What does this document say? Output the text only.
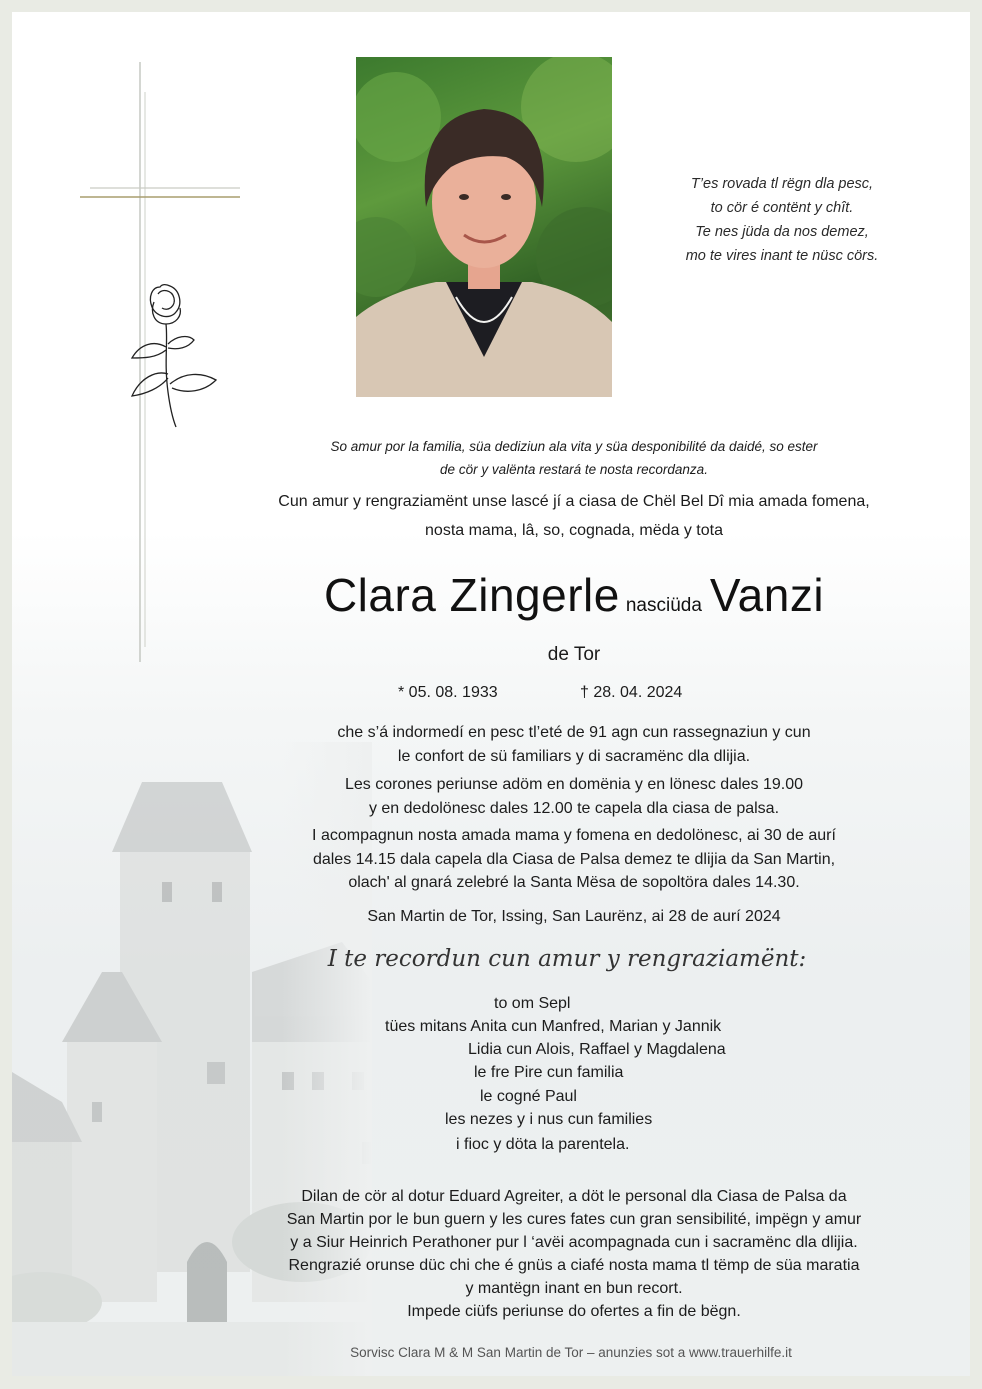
T’es rovada tl rëgn dla pesc,
to cör é contënt y chît.
Te nes jüda da nos demez,
mo te vires inant te nüsc cörs.
So amur por la familia, süa dediziun ala vita y süa desponibilité da daidé, so ester
de cör y valënta restará te nosta recordanza.
Cun amur y rengraziamënt unse lascé jí a ciasa de Chël Bel Dî mia amada fomena,
nosta mama, lâ, so, cognada, mëda y tota
Clara Zingerle nasciüda Vanzi
de Tor
* 05. 08. 1933	† 28. 04. 2024
che s’á indormedí en pesc tl’eté de 91 agn cun rassegnaziun y cun
le confort de sü familiars y di sacramënc dla dlijia.
Les corones periunse adöm en domënia y en lönesc dales 19.00
y en dedolönesc dales 12.00 te capela dla ciasa de palsa.
I acompagnun nosta amada mama y fomena en dedolönesc, ai 30 de aurí
dales 14.15 dala capela dla Ciasa de Palsa demez te dlijia da San Martin,
olach' al gnará zelebré la Santa Mësa de sopoltöra dales 14.30.
San Martin de Tor, Issing, San Laurënz, ai 28 de aurí 2024
I te recordun cun amur y rengraziamënt:
to om Sepl
tües mitans Anita cun Manfred, Marian y Jannik
Lidia cun Alois, Raffael y Magdalena
le fre Pire cun familia
le cogné Paul
les nezes y i nus cun families
i fioc y döta la parentela.
Dilan de cör al dotur Eduard Agreiter, a döt le personal dla Ciasa de Palsa da
San Martin por le bun guern y les cures fates cun gran sensibilité, impëgn y amur
y a Siur Heinrich Perathoner pur l ‘avëi acompagnada cun i sacramënc dla dlijia.
Rengrazié orunse düc chi che é gnüs a ciafé nosta mama tl tëmp de süa maratia
y mantëgn inant en bun recort.
Impede ciüfs periunse do ofertes a fin de bëgn.
Sorvisc Clara M & M San Martin de Tor – anunzies sot a www.trauerhilfe.it
